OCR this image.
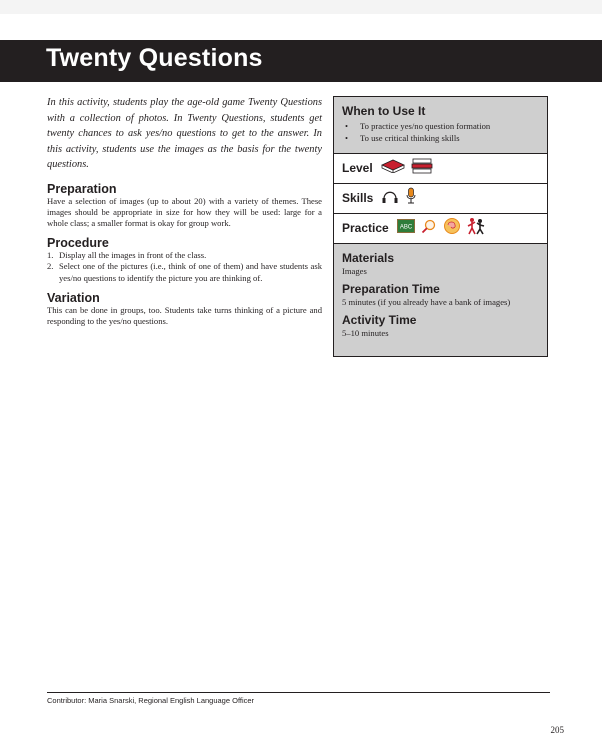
Twenty Questions

In this activity, students play the age-old game Twenty Questions with a collection of photos. In Twenty Questions, students get twenty chances to ask yes/no questions to get to the answer. In this activity, students use the images as the basis for the twenty questions.

Preparation

Have a selection of images (up to about 20) with a variety of themes. These images should be appropriate in size for how they will be used: large for a whole class; a smaller format is okay for group work.

Procedure
1. Display all the images in front of the class.
2. Select one of the pictures (i.e., think of one of them) and have students ask yes/no questions to identify the picture you are thinking of.
Variation

This can be done in groups, too. Students take turns thinking of a picture and responding to the yes/no questions.

When to Use It
•	To practice yes/no question formation
•	To use critical thinking skills
Level
Skills
Practice ABC
Materials
Images
Preparation Time
5 minutes (if you already have a bank of images)
Activity Time
5–10 minutes
Contributor: Maria Snarski, Regional English Language Officer
205
